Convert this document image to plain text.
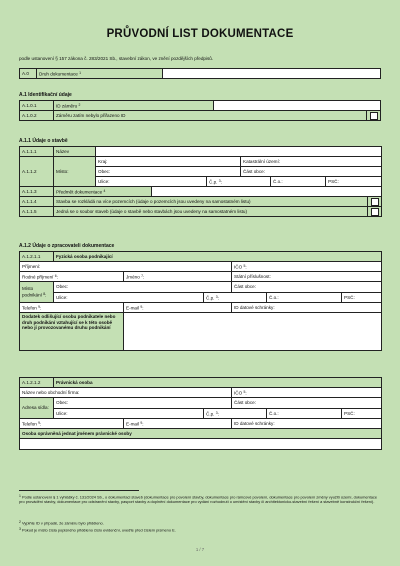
PRŮVODNÍ LIST DOKUMENTACE
podle ustanovení § 157 zákona č. 283/2021 Sb., stavební zákon, ve znění pozdějších předpisů.
A.0	Druh dokumentace $^1$	
A.1 Identifikační údaje
A.1.0.1	ID záměru $^2$	
A.1.0.2	Záměru zatím nebylo přiřazeno ID		
A.1.1 Údaje o stavbě
A.1.1.1	Název							
A.1.1.2	Místo:	Kraj:			Katastrální území:			
		Obec:			Část obce:			
		Ulice:		Č.p. $^3$:		Č.o.:	PSČ:	
A.1.1.3	Předmět dokumentace $^4$	
A.1.1.4	Stavba se rozkládá na více pozemcích (údaje o pozemcích jsou uvedeny na samostatném listu)							
A.1.1.5	Jedná se o soubor staveb (údaje o stavbě nebo stavbách jsou uvedeny na samostatném listu)							
A.1.2 Údaje o zpracovateli dokumentace
A.1.2.1.1	Fyzická osoba podnikající					
Příjmení:				IČO $^5$:		
Rodné příjmení $^6$:		Jméno $^7$:		Státní příslušnost:		
Místo podnikání $^8$:	Obec:			Část obce:		
	Ulice:		Č.p. $^3$:		Č.o.:	PSČ:
Telefon $^9$:		E-mail $^9$:		ID datové schránky:		
Dodatek odlišující osobu podnikatele nebo druh podnikání vztahující se k této osobě nebo jí provozovanému druhu podnikání						
A.1.2.1.2	Právnická osoba					
Název nebo obchodní firma:				IČO $^5$:		
Adresa sídla:	Obec:			Část obce:		
	Ulice:		Č.p. $^3$:		Č.o.:	PSČ:
Telefon $^9$:		E-mail $^9$:		ID datové schránky:		
Osoba oprávněná jednat jménem právnické osoby						

$^1$ Podle ustanovení § 1 vyhlášky č. 131/2024 Sb., o dokumentaci staveb (dokumentace pro povolení stavby, dokumentace pro rámcové povolení, dokumentace pro povolení změny využití území, dokumentace pro provádění stavby, dokumentace pro odstranění stavby, pasport stavby a doplnění dokumentace pro vydání rozhodnutí o umístění stavby či architektonicko-stavební řešení a stavebně konstrukční řešení).
$^2$ Vyplňte ID v případě, že záměru bylo přiděleno.
$^3$ Pokud je místo čísla popisného přiděleno číslo evidenční, uveďte před číslem písmeno E.
1 / 7
